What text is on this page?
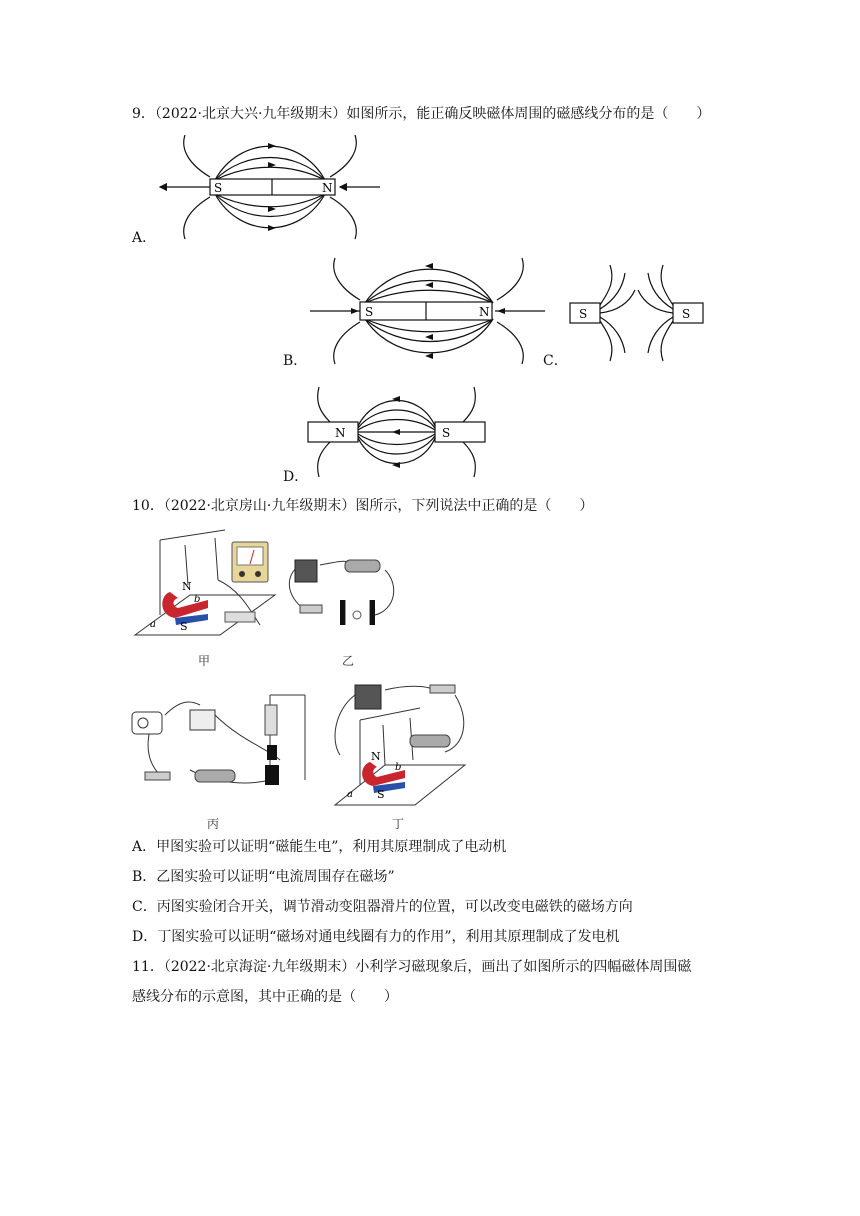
9．（2022·北京大兴·九年级期末）如图所示，能正确反映磁体周围的磁感线分布的是（　　）
S	N
A．
S	N
B．
S	S
C．
N	S
D．
10．（2022·北京房山·九年级期末）图所示，下列说法中正确的是（　　）
N
S
a
b
甲	乙
丙
N
S
a
b
丁
A．甲图实验可以证明“磁能生电”，利用其原理制成了电动机
B．乙图实验可以证明“电流周围存在磁场”
C．丙图实验闭合开关，调节滑动变阻器滑片的位置，可以改变电磁铁的磁场方向
D．丁图实验可以证明“磁场对通电线圈有力的作用”，利用其原理制成了发电机
11．（2022·北京海淀·九年级期末）小利学习磁现象后，画出了如图所示的四幅磁体周围磁
感线分布的示意图，其中正确的是（　　）
